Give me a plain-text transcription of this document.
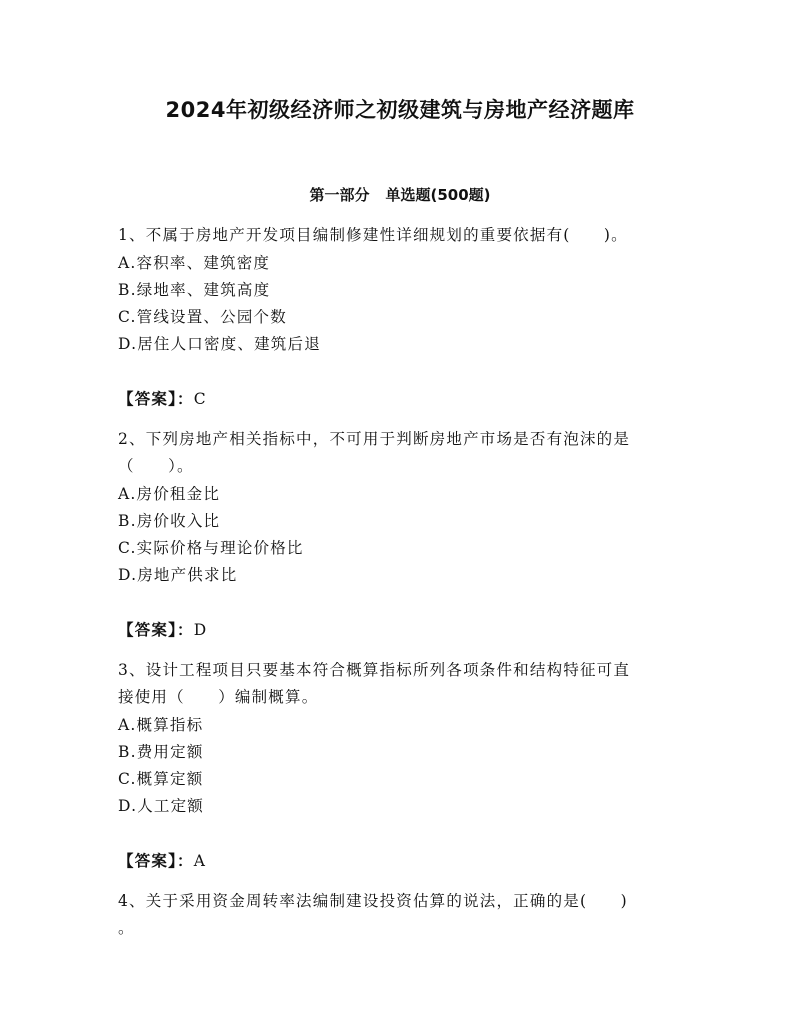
2024年初级经济师之初级建筑与房地产经济题库
第一部分 单选题(500题)
1、不属于房地产开发项目编制修建性详细规划的重要依据有(　　)。
A.容积率、建筑密度
B.绿地率、建筑高度
C.管线设置、公园个数
D.居住人口密度、建筑后退
【答案】：C
2、下列房地产相关指标中，不可用于判断房地产市场是否有泡沫的是
（　　）。
A.房价租金比
B.房价收入比
C.实际价格与理论价格比
D.房地产供求比
【答案】：D
3、设计工程项目只要基本符合概算指标所列各项条件和结构特征可直
接使用（　　）编制概算。
A.概算指标
B.费用定额
C.概算定额
D.人工定额
【答案】：A
4、关于采用资金周转率法编制建设投资估算的说法，正确的是(　　)
。
